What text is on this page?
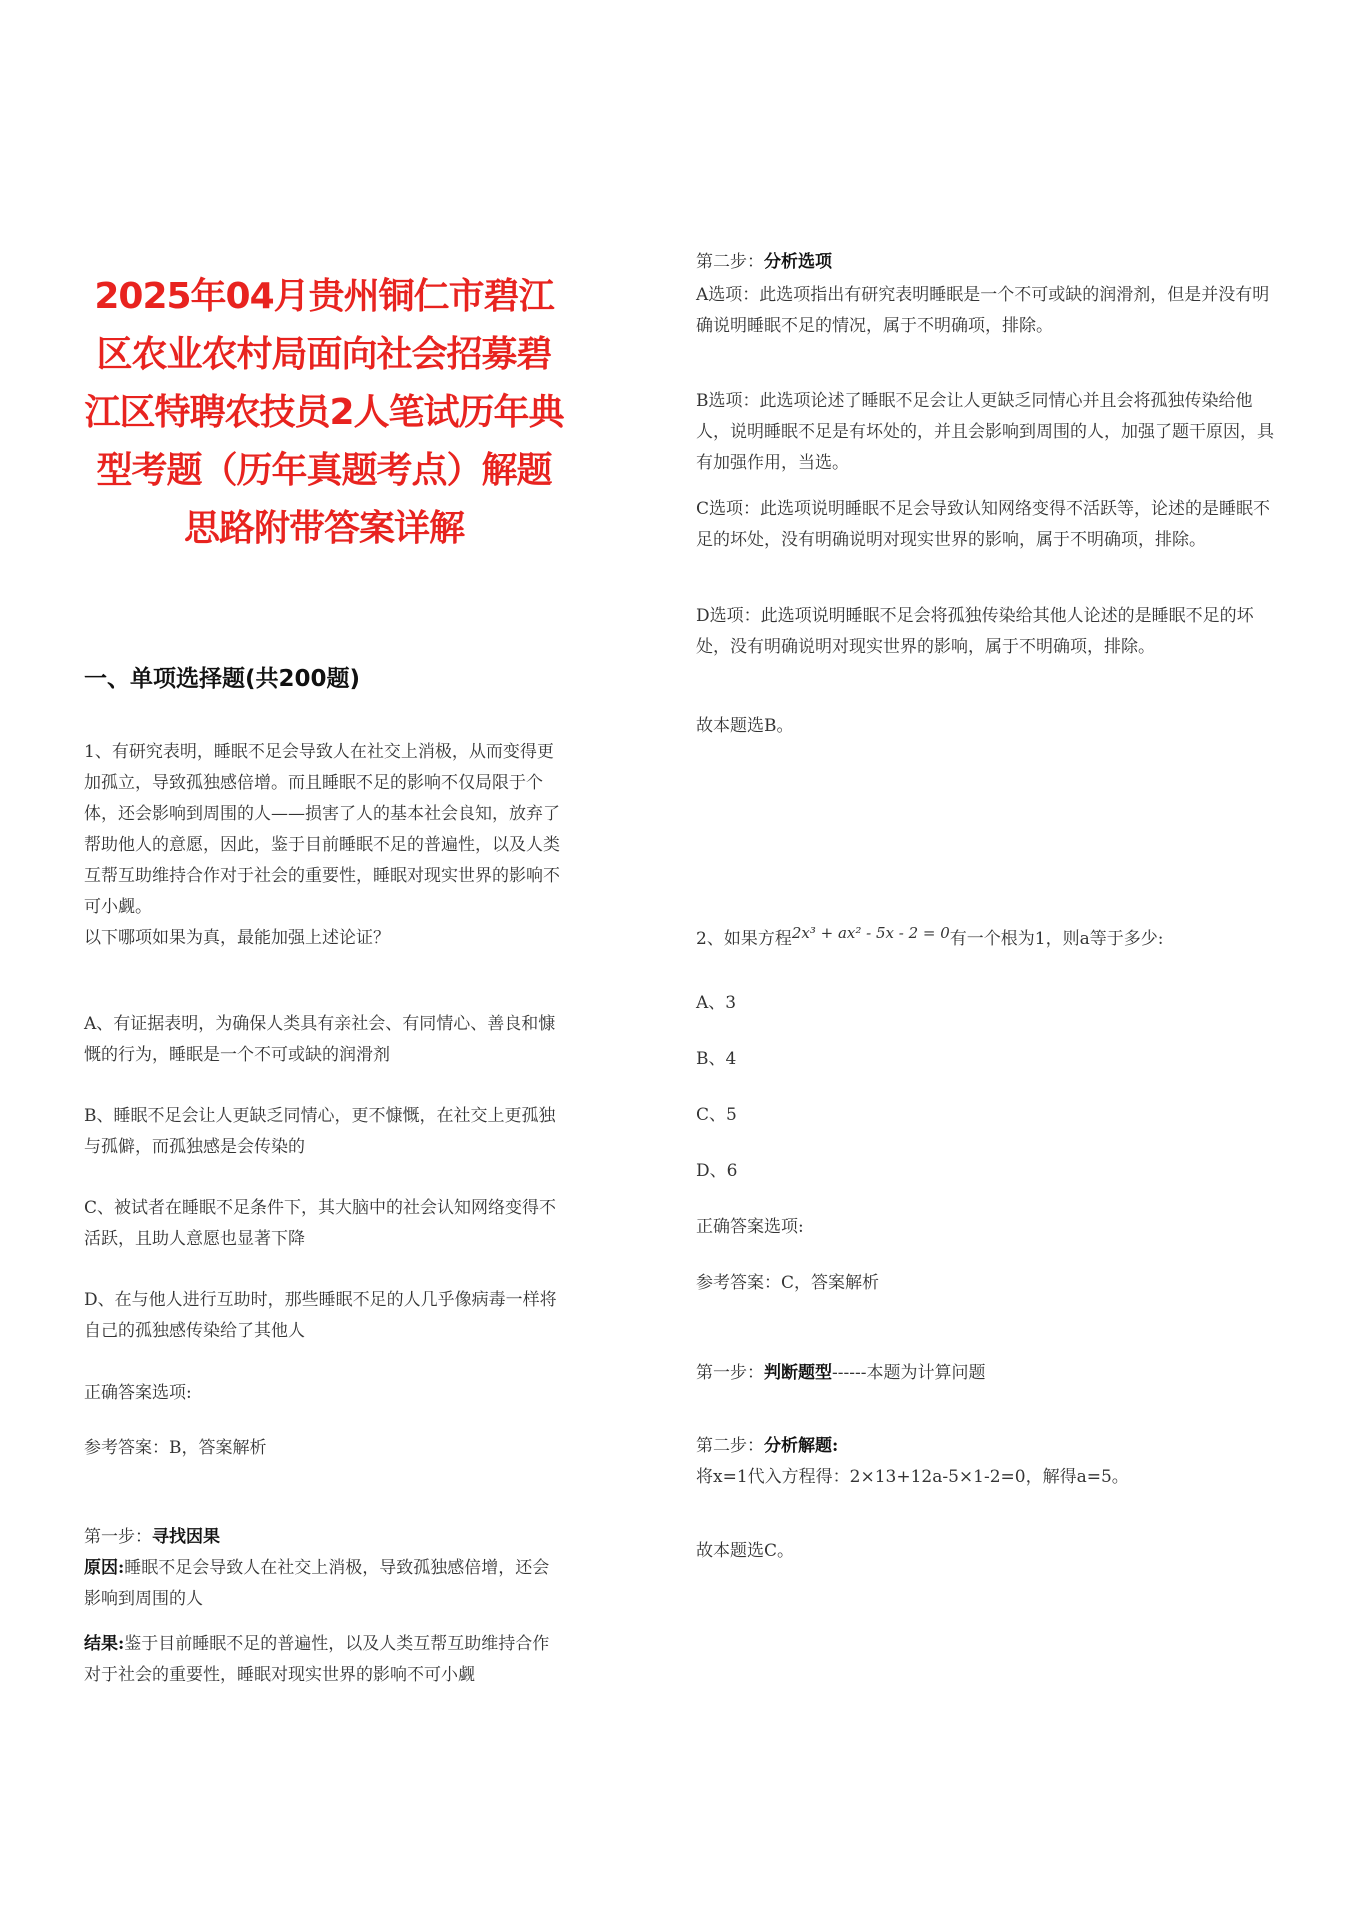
2025年04月贵州铜仁市碧江区农业农村局面向社会招募碧江区特聘农技员2人笔试历年典型考题（历年真题考点）解题思路附带答案详解
一、单项选择题(共200题)
1、有研究表明，睡眠不足会导致人在社交上消极，从而变得更加孤立，导致孤独感倍增。而且睡眠不足的影响不仅局限于个体，还会影响到周围的人——损害了人的基本社会良知，放弃了帮助他人的意愿，因此，鉴于目前睡眠不足的普遍性，以及人类互帮互助维持合作对于社会的重要性，睡眠对现实世界的影响不可小觑。
以下哪项如果为真，最能加强上述论证？
A、有证据表明，为确保人类具有亲社会、有同情心、善良和慷慨的行为，睡眠是一个不可或缺的润滑剂
B、睡眠不足会让人更缺乏同情心，更不慷慨，在社交上更孤独与孤僻，而孤独感是会传染的
C、被试者在睡眠不足条件下，其大脑中的社会认知网络变得不活跃，且助人意愿也显著下降
D、在与他人进行互助时，那些睡眠不足的人几乎像病毒一样将自己的孤独感传染给了其他人
正确答案选项:
参考答案：B，答案解析
第一步：寻找因果
原因:睡眠不足会导致人在社交上消极，导致孤独感倍增，还会影响到周围的人
结果:鉴于目前睡眠不足的普遍性，以及人类互帮互助维持合作对于社会的重要性，睡眠对现实世界的影响不可小觑
第二步：分析选项
A选项：此选项指出有研究表明睡眠是一个不可或缺的润滑剂，但是并没有明确说明睡眠不足的情况，属于不明确项，排除。
B选项：此选项论述了睡眠不足会让人更缺乏同情心并且会将孤独传染给他人，说明睡眠不足是有坏处的，并且会影响到周围的人，加强了题干原因，具有加强作用，当选。
C选项：此选项说明睡眠不足会导致认知网络变得不活跃等，论述的是睡眠不足的坏处，没有明确说明对现实世界的影响，属于不明确项，排除。
D选项：此选项说明睡眠不足会将孤独传染给其他人论述的是睡眠不足的坏处，没有明确说明对现实世界的影响，属于不明确项，排除。
故本题选B。
2、如果方程2x³ + ax² - 5x - 2 = 0有一个根为1，则a等于多少:
A、3
B、4
C、5
D、6
正确答案选项:
参考答案：C，答案解析
第一步：判断题型------本题为计算问题
第二步：分析解题:
将x=1代入方程得：2×13+12a-5×1-2=0，解得a=5。
故本题选C。
